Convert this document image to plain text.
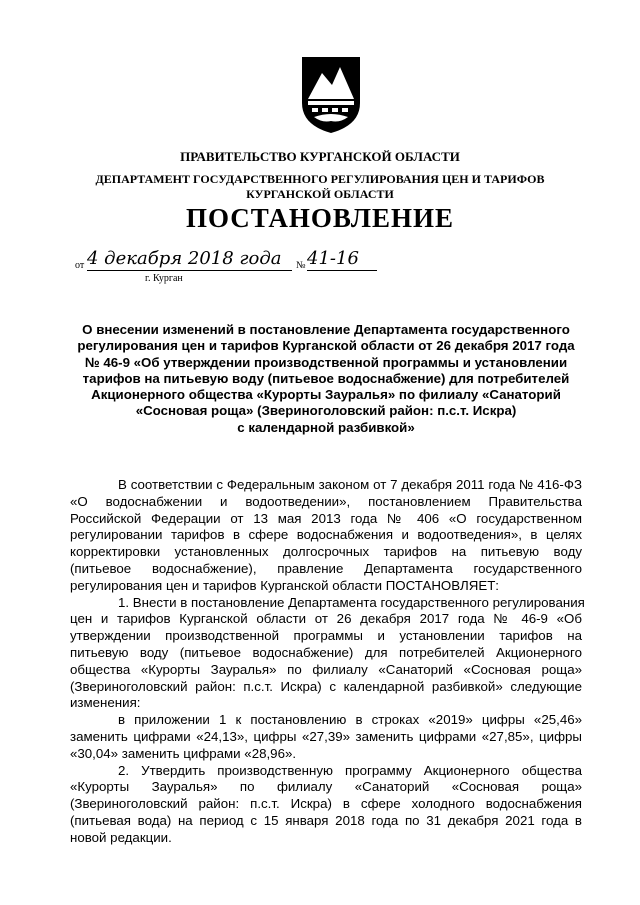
ПРАВИТЕЛЬСТВО КУРГАНСКОЙ ОБЛАСТИ
ДЕПАРТАМЕНТ ГОСУДАРСТВЕННОГО РЕГУЛИРОВАНИЯ ЦЕН И ТАРИФОВ
КУРГАНСКОЙ ОБЛАСТИ
ПОСТАНОВЛЕНИЕ
от 4 декабря 2018 года	№ 41-16
г. Курган
О внесении изменений в постановление Департамента государственного
регулирования цен и тарифов Курганской области от 26 декабря 2017 года
№ 46-9 «Об утверждении производственной программы и установлении
тарифов на питьевую воду (питьевое водоснабжение) для потребителей
Акционерного общества «Курорты Зауралья» по филиалу «Санаторий
«Сосновая роща» (Звериноголовский район: п.с.т. Искра)
с календарной разбивкой»
В соответствии с Федеральным законом от 7 декабря 2011 года № 416-ФЗ
«О водоснабжении и водоотведении», постановлением Правительства
Российской Федерации от 13 мая 2013 года № 406 «О государственном
регулировании тарифов в сфере водоснабжения и водоотведения», в целях
корректировки установленных долгосрочных тарифов на питьевую воду
(питьевое водоснабжение), правление Департамента государственного
регулирования цен и тарифов Курганской области ПОСТАНОВЛЯЕТ:
1. Внести в постановление Департамента государственного регулирования
цен и тарифов Курганской области от 26 декабря 2017 года № 46-9 «Об
утверждении производственной программы и установлении тарифов на
питьевую воду (питьевое водоснабжение) для потребителей Акционерного
общества «Курорты Зауралья» по филиалу «Санаторий «Сосновая роща»
(Звериноголовский район: п.с.т. Искра) с календарной разбивкой» следующие
изменения:
в приложении 1 к постановлению в строках «2019» цифры «25,46»
заменить цифрами «24,13», цифры «27,39» заменить цифрами «27,85», цифры
«30,04» заменить цифрами «28,96».
2. Утвердить производственную программу Акционерного общества
«Курорты Зауралья» по филиалу «Санаторий «Сосновая роща»
(Звериноголовский район: п.с.т. Искра) в сфере холодного водоснабжения
(питьевая вода) на период с 15 января 2018 года по 31 декабря 2021 года в
новой редакции.
